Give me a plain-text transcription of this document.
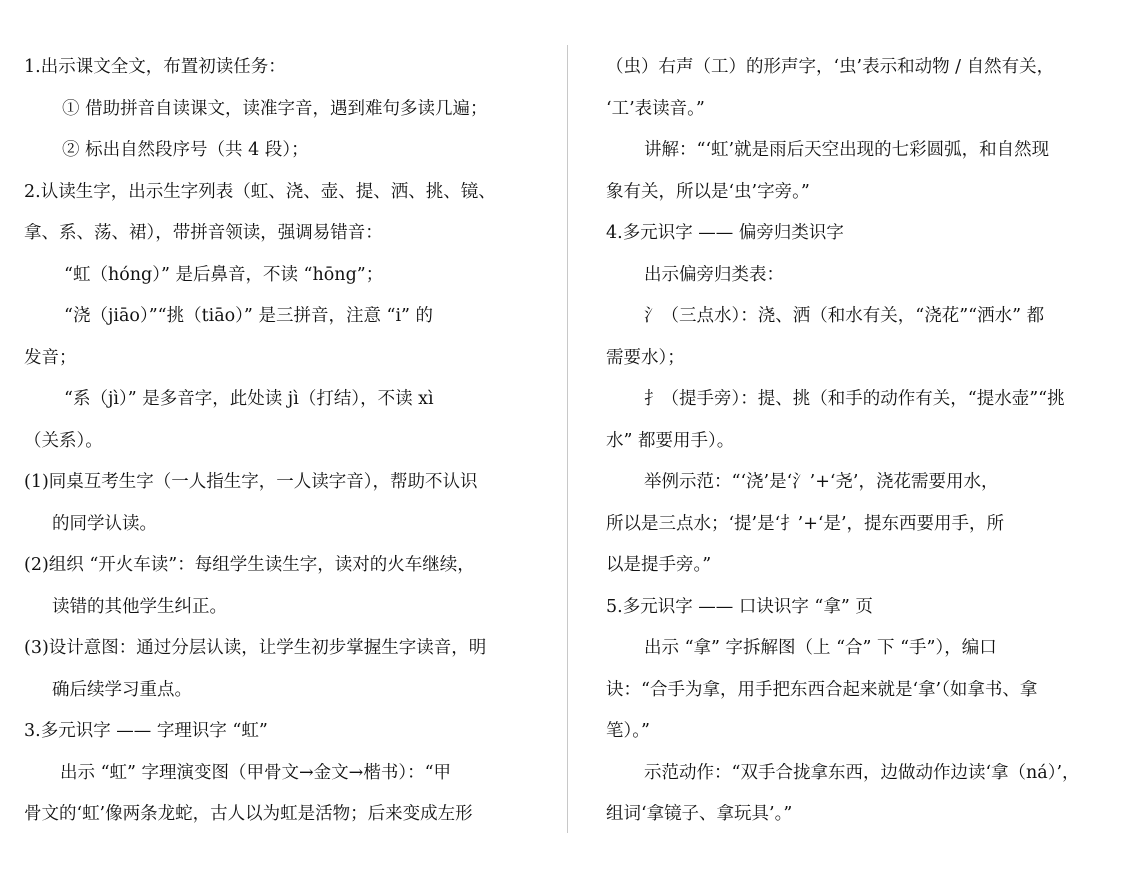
1.出示课文全文，布置初读任务：
① 借助拼音自读课文，读准字音，遇到难句多读几遍；
② 标出自然段序号（共 4 段）；
2.认读生字，出示生字列表（虹、浇、壶、提、洒、挑、镜、
拿、系、荡、裙），带拼音领读，强调易错音：
“虹（hóng）” 是后鼻音，不读 “hōng”；
“浇（jiāo）”“挑（tiāo）” 是三拼音，注意 “i” 的
发音；
“系（jì）” 是多音字，此处读 jì（打结），不读 xì
（关系）。
(1)同桌互考生字（一人指生字，一人读字音），帮助不认识
的同学认读。
(2)组织 “开火车读”：每组学生读生字，读对的火车继续，
读错的其他学生纠正。
(3)设计意图：通过分层认读，让学生初步掌握生字读音，明
确后续学习重点。
3.多元识字 —— 字理识字 “虹”
出示 “虹” 字理演变图（甲骨文→金文→楷书）：“甲
骨文的‘虹’像两条龙蛇，古人以为虹是活物；后来变成左形
（虫）右声（工）的形声字，‘虫’表示和动物 / 自然有关，
‘工’表读音。”
讲解：“‘虹’就是雨后天空出现的七彩圆弧，和自然现
象有关，所以是‘虫’字旁。”
4.多元识字 —— 偏旁归类识字
出示偏旁归类表：
氵（三点水）：浇、洒（和水有关，“浇花”“洒水” 都
需要水）；
扌（提手旁）：提、挑（和手的动作有关，“提水壶”“挑
水” 都要用手）。
举例示范：“‘浇’是‘氵’+‘尧’，浇花需要用水，
所以是三点水；‘提’是‘扌’+‘是’，提东西要用手，所
以是提手旁。”
5.多元识字 —— 口诀识字 “拿” 页
出示 “拿” 字拆解图（上 “合” 下 “手”），编口
诀：“合手为拿，用手把东西合起来就是‘拿’（如拿书、拿
笔）。”
示范动作：“双手合拢拿东西，边做动作边读‘拿（ná）’，
组词‘拿镜子、拿玩具’。”
